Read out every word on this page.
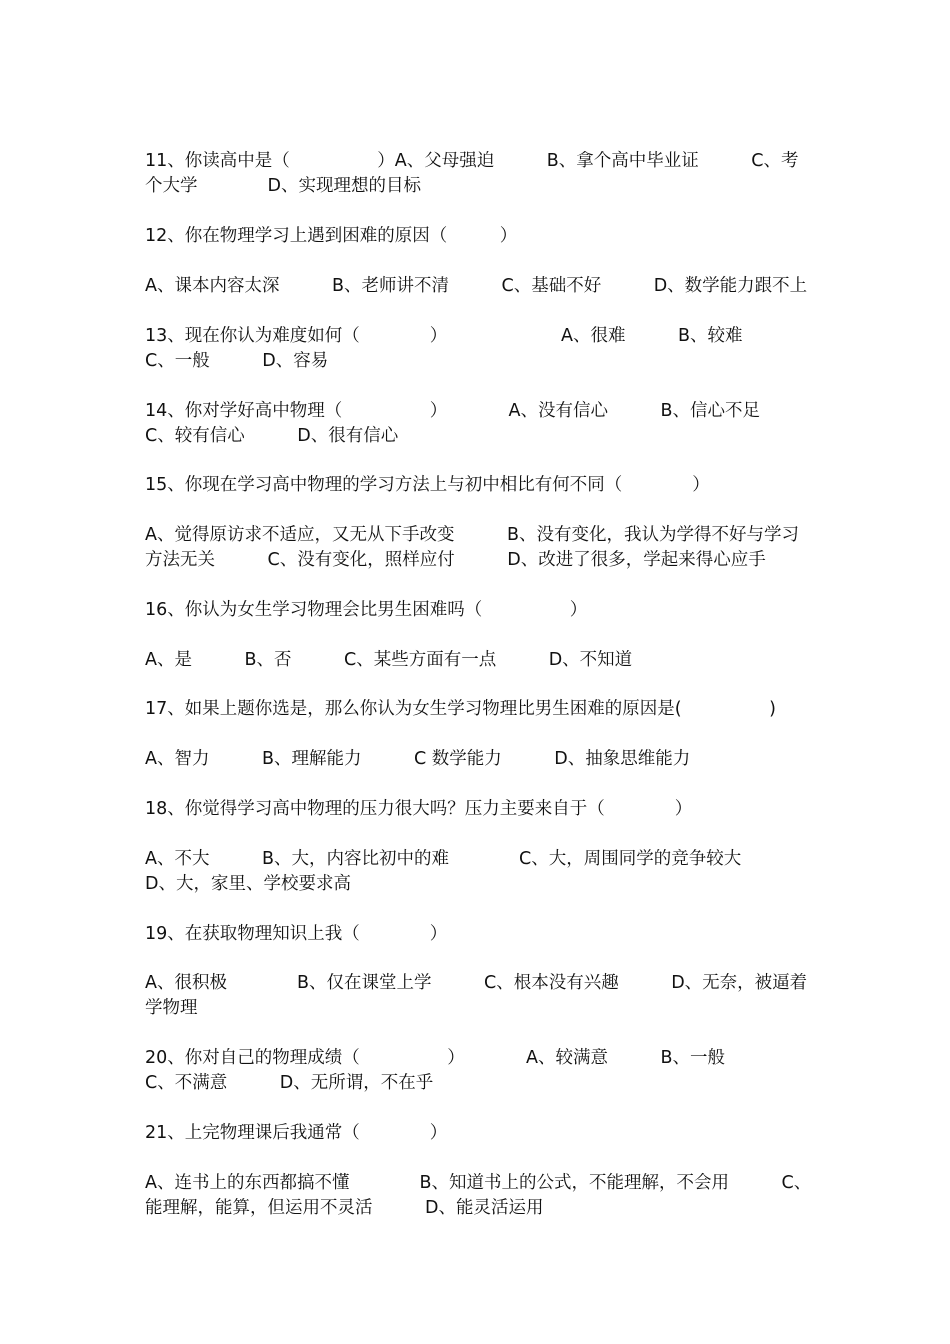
11、你读高中是（　　　　　）A、父母强迫　　　B、拿个高中毕业证　　　C、考个大学　　　　D、实现理想的目标

12、你在物理学习上遇到困难的原因（　　　）

A、课本内容太深　　　B、老师讲不清　　　C、基础不好　　　D、数学能力跟不上

13、现在你认为难度如何（　　　　）　　　　　　　A、很难　　　B、较难　　　C、一般　　　D、容易

14、你对学好高中物理（　　　　　）　　　　A、没有信心　　　B、信心不足　　　　　　C、较有信心　　　D、很有信心

15、你现在学习高中物理的学习方法上与初中相比有何不同（　　　　）

A、觉得原访求不适应，又无从下手改变　　　B、没有变化，我认为学得不好与学习方法无关　　　C、没有变化，照样应付　　　D、改进了很多，学起来得心应手

16、你认为女生学习物理会比男生困难吗（　　　　　）

A、是　　　B、否　　　C、某些方面有一点　　　D、不知道

17、如果上题你选是，那么你认为女生学习物理比男生困难的原因是(　　　　　)

A、智力　　　B、理解能力　　　C 数学能力　　　D、抽象思维能力

18、你觉得学习高中物理的压力很大吗？压力主要来自于（　　　　）

A、不大　　　B、大，内容比初中的难　　　　C、大，周围同学的竞争较大　　　D、大，家里、学校要求高

19、在获取物理知识上我（　　　　）

A、很积极　　　　B、仅在课堂上学　　　C、根本没有兴趣　　　D、无奈，被逼着学物理

20、你对自己的物理成绩（　　　　　）　　　　A、较满意　　　B、一般　　　　C、不满意　　　D、无所谓，不在乎

21、上完物理课后我通常（　　　　）

A、连书上的东西都搞不懂　　　　B、知道书上的公式，不能理解，不会用　　　C、能理解，能算，但运用不灵活　　　D、能灵活运用
